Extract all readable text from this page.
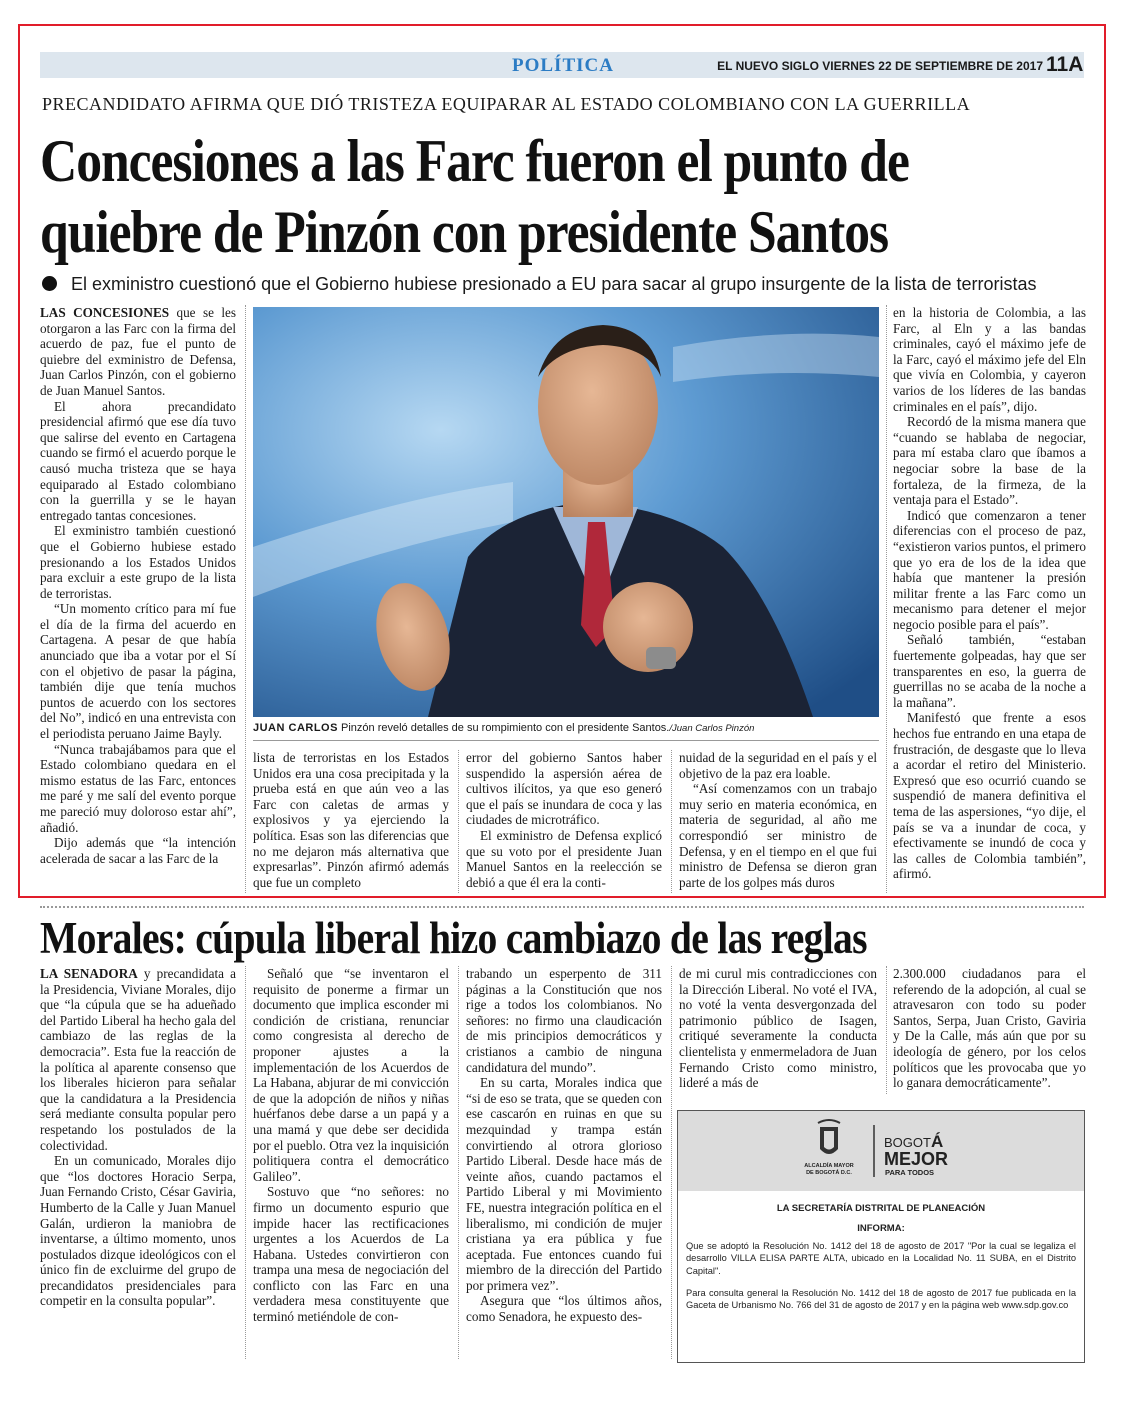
POLÍTICA	EL NUEVO SIGLO VIERNES 22 DE SEPTIEMBRE DE 2017 11A
PRECANDIDATO AFIRMA QUE DIÓ TRISTEZA EQUIPARAR AL ESTADO COLOMBIANO CON LA GUERRILLA
Concesiones a las Farc fueron el punto de
quiebre de Pinzón con presidente Santos
El exministro cuestionó que el Gobierno hubiese presionado a EU para sacar al grupo insurgente de la lista de terroristas

LAS CONCESIONES que se les otorgaron a las Farc con la firma del acuerdo de paz, fue el punto de quiebre del exministro de Defensa, Juan Carlos Pinzón, con el gobierno de Juan Manuel Santos.

El ahora precandidato presidencial afirmó que ese día tuvo que salirse del evento en Cartagena cuando se firmó el acuerdo porque le causó mucha tristeza que se haya equiparado al Estado colombiano con la guerrilla y se le hayan entregado tantas concesiones.

El exministro también cuestionó que el Gobierno hubiese estado presionando a los Estados Unidos para excluir a este grupo de la lista de terroristas.

“Un momento crítico para mí fue el día de la firma del acuerdo en Cartagena. A pesar de que había anunciado que iba a votar por el Sí con el objetivo de pasar la página, también dije que tenía muchos puntos de acuerdo con los sectores del No”, indicó en una entrevista con el periodista peruano Jaime Bayly.

“Nunca trabajábamos para que el Estado colombiano quedara en el mismo estatus de las Farc, entonces me paré y me salí del evento porque me pareció muy doloroso estar ahí”, añadió.

Dijo además que “la intención acelerada de sacar a las Farc de la

JUAN CARLOS Pinzón reveló detalles de su rompimiento con el presidente Santos./Juan Carlos Pinzón

lista de terroristas en los Estados Unidos era una cosa precipitada y la prueba está en que aún veo a las Farc con caletas de armas y explosivos y ya ejerciendo la política. Esas son las diferencias que no me dejaron más alternativa que expresarlas”. Pinzón afirmó además que fue un completo

error del gobierno Santos haber suspendido la aspersión aérea de cultivos ilícitos, ya que eso generó que el país se inundara de coca y las ciudades de microtráfico.

El exministro de Defensa explicó que su voto por el presidente Juan Manuel Santos en la reelección se debió a que él era la conti-

nuidad de la seguridad en el país y el objetivo de la paz era loable.

“Así comenzamos con un trabajo muy serio en materia económica, en materia de seguridad, al año me correspondió ser ministro de Defensa, y en el tiempo en el que fui ministro de Defensa se dieron gran parte de los golpes más duros

en la historia de Colombia, a las Farc, al Eln y a las bandas criminales, cayó el máximo jefe de la Farc, cayó el máximo jefe del Eln que vivía en Colombia, y cayeron varios de los líderes de las bandas criminales en el país”, dijo.

Recordó de la misma manera que “cuando se hablaba de negociar, para mí estaba claro que íbamos a negociar sobre la base de la fortaleza, de la firmeza, de la ventaja para el Estado”.

Indicó que comenzaron a tener diferencias con el proceso de paz, “existieron varios puntos, el primero que yo era de los de la idea que había que mantener la presión militar frente a las Farc como un mecanismo para detener el mejor negocio posible para el país”.

Señaló también, “estaban fuertemente golpeadas, hay que ser transparentes en eso, la guerra de guerrillas no se acaba de la noche a la mañana”.

Manifestó que frente a esos hechos fue entrando en una etapa de frustración, de desgaste que lo lleva a acordar el retiro del Ministerio. Expresó que eso ocurrió cuando se suspendió de manera definitiva el tema de las aspersiones, “yo dije, el país se va a inundar de coca, y efectivamente se inundó de coca y las calles de Colombia también”, afirmó.

Morales: cúpula liberal hizo cambiazo de las reglas

LA SENADORA y precandidata a la Presidencia, Viviane Morales, dijo que “la cúpula que se ha adueñado del Partido Liberal ha hecho gala del cambiazo de las reglas de la democracia”. Esta fue la reacción de la política al aparente consenso que los liberales hicieron para señalar que la candidatura a la Presidencia será mediante consulta popular pero respetando los postulados de la colectividad.

En un comunicado, Morales dijo que “los doctores Horacio Serpa, Juan Fernando Cristo, César Gaviria, Humberto de la Calle y Juan Manuel Galán, urdieron la maniobra de inventarse, a último momento, unos postulados dizque ideológicos con el único fin de excluirme del grupo de precandidatos presidenciales para competir en la consulta popular”.

Señaló que “se inventaron el requisito de ponerme a firmar un documento que implica esconder mi condición de cristiana, renunciar como congresista al derecho de proponer ajustes a la implementación de los Acuerdos de La Habana, abjurar de mi convicción de que la adopción de niños y niñas huérfanos debe darse a un papá y a una mamá y que debe ser decidida por el pueblo. Otra vez la inquisición politiquera contra el democrático Galileo”.

Sostuvo que “no señores: no firmo un documento espurio que impide hacer las rectificaciones urgentes a los Acuerdos de La Habana. Ustedes convirtieron con trampa una mesa de negociación del conflicto con las Farc en una verdadera mesa constituyente que terminó metiéndole de con-

trabando un esperpento de 311 páginas a la Constitución que nos rige a todos los colombianos. No señores: no firmo una claudicación de mis principios democráticos y cristianos a cambio de ninguna candidatura del mundo”.

En su carta, Morales indica que “si de eso se trata, que se queden con ese cascarón en ruinas en que su mezquindad y trampa están convirtiendo al otrora glorioso Partido Liberal. Desde hace más de veinte años, cuando pactamos el Partido Liberal y mi Movimiento FE, nuestra integración política en el liberalismo, mi condición de mujer cristiana ya era pública y fue aceptada. Fue entonces cuando fui miembro de la dirección del Partido por primera vez”.

Asegura que “los últimos años, como Senadora, he expuesto des-

de mi curul mis contradicciones con la Dirección Liberal. No voté el IVA, no voté la venta desvergonzada del patrimonio público de Isagen, critiqué severamente la conducta clientelista y enmermeladora de Juan Fernando Cristo como ministro, lideré a más de

2.300.000 ciudadanos para el referendo de la adopción, al cual se atravesaron con todo su poder Santos, Serpa, Juan Cristo, Gaviria y De la Calle, más aún que por su ideología de género, por los celos políticos que les provocaba que yo lo ganara democráticamente”.

ALCALDÍA MAYOR
DE BOGOTÁ D.C.
BOGOTÁ
MEJOR
PARA TODOS
LA SECRETARÍA DISTRITAL DE PLANEACIÓN
INFORMA:

Que se adoptó la Resolución No. 1412 del 18 de agosto de 2017 "Por la cual se legaliza el desarrollo VILLA ELISA PARTE ALTA, ubicado en la Localidad No. 11 SUBA, en el Distrito Capital".

Para consulta general la Resolución No. 1412 del 18 de agosto de 2017 fue publicada en la Gaceta de Urbanismo No. 766 del 31 de agosto de 2017 y en la página web www.sdp.gov.co
